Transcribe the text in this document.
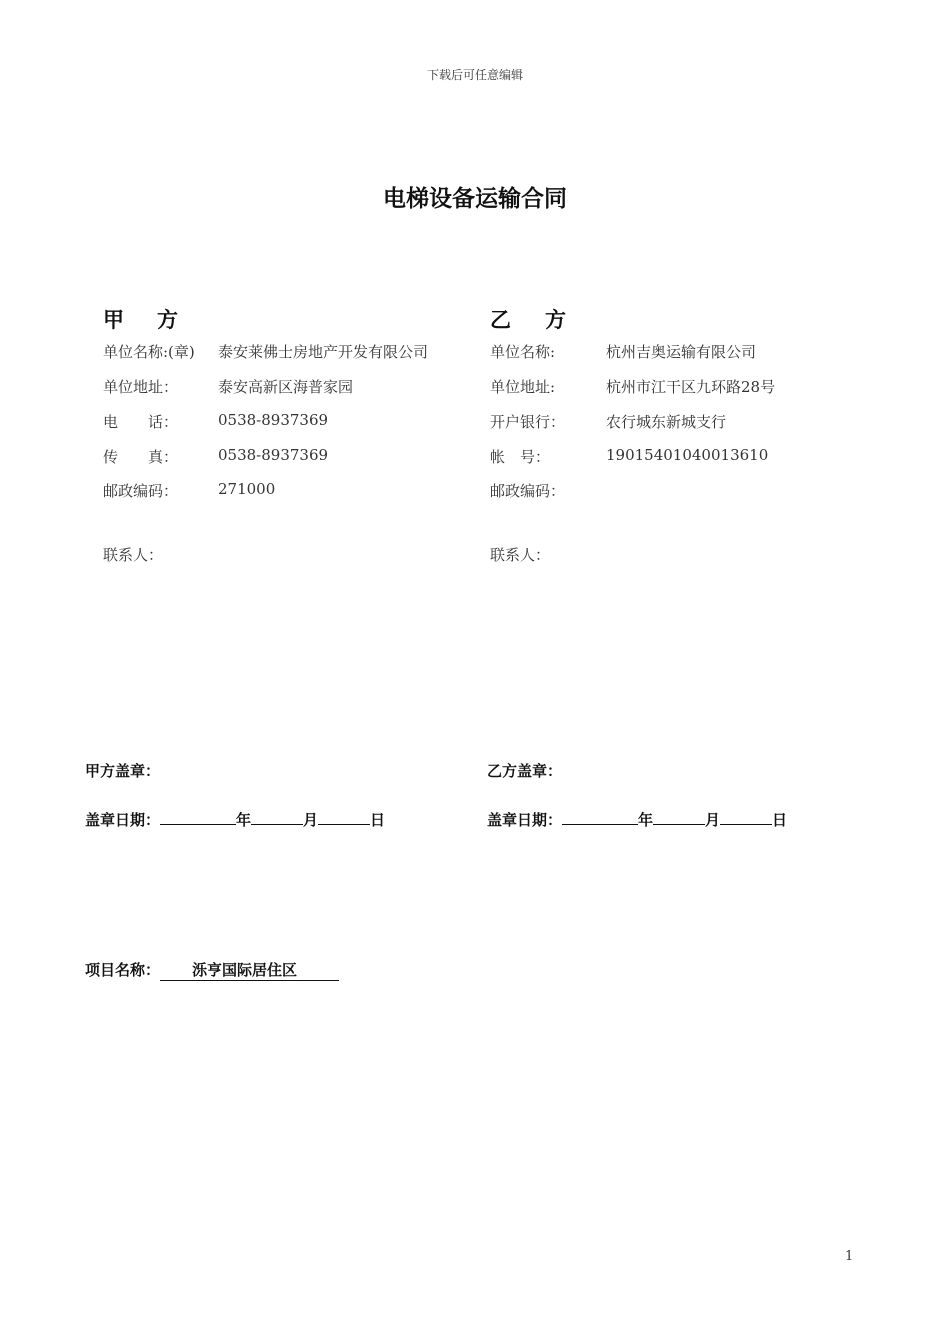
下载后可任意编辑
电梯设备运输合同
甲 方
单位名称:(章) 泰安莱佛士房地产开发有限公司
单位地址：	泰安高新区海普家园
电　　话：	0538-8937369
传　　真：	0538-8937369
邮政编码：	271000
联系人：
甲方盖章：
盖章日期：	年	月	日
乙 方
单位名称:	杭州吉奥运输有限公司
单位地址:	杭州市江干区九环路28号
开户银行：	农行城东新城支行
帐　号：	19015401040013610
邮政编码：
联系人：
乙方盖章：
盖章日期：	年	月	日
项目名称： 泺亨国际居住区
1
